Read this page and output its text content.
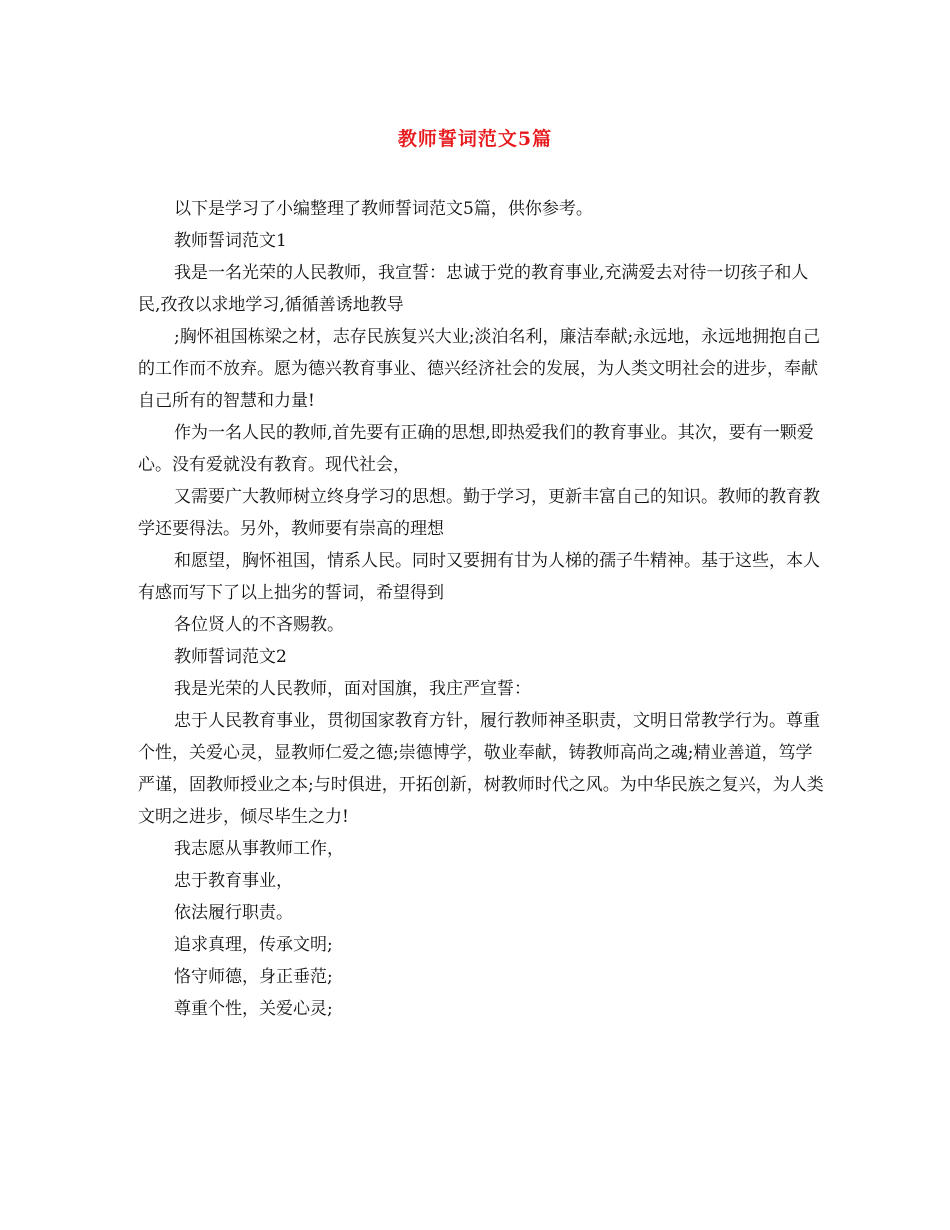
教师誓词范文5篇

以下是学习了小编整理了教师誓词范文5篇，供你参考。

教师誓词范文1

我是一名光荣的人民教师，我宣誓：忠诚于党的教育事业,充满爱去对待一切孩子和人民,孜孜以求地学习,循循善诱地教导

;胸怀祖国栋梁之材，志存民族复兴大业;淡泊名利，廉洁奉献;永远地，永远地拥抱自己的工作而不放弃。愿为德兴教育事业、德兴经济社会的发展，为人类文明社会的进步，奉献自己所有的智慧和力量!

作为一名人民的教师,首先要有正确的思想,即热爱我们的教育事业。其次，要有一颗爱心。没有爱就没有教育。现代社会，

又需要广大教师树立终身学习的思想。勤于学习，更新丰富自己的知识。教师的教育教学还要得法。另外，教师要有崇高的理想

和愿望，胸怀祖国，情系人民。同时又要拥有甘为人梯的孺子牛精神。基于这些，本人有感而写下了以上拙劣的誓词，希望得到

各位贤人的不吝赐教。

教师誓词范文2

我是光荣的人民教师，面对国旗，我庄严宣誓：

忠于人民教育事业，贯彻国家教育方针，履行教师神圣职责，文明日常教学行为。尊重个性，关爱心灵，显教师仁爱之德;崇德博学，敬业奉献，铸教师高尚之魂;精业善道，笃学严谨，固教师授业之本;与时俱进，开拓创新，树教师时代之风。为中华民族之复兴，为人类文明之进步，倾尽毕生之力!

我志愿从事教师工作，

忠于教育事业，

依法履行职责。

追求真理，传承文明;

恪守师德，身正垂范;

尊重个性，关爱心灵;
